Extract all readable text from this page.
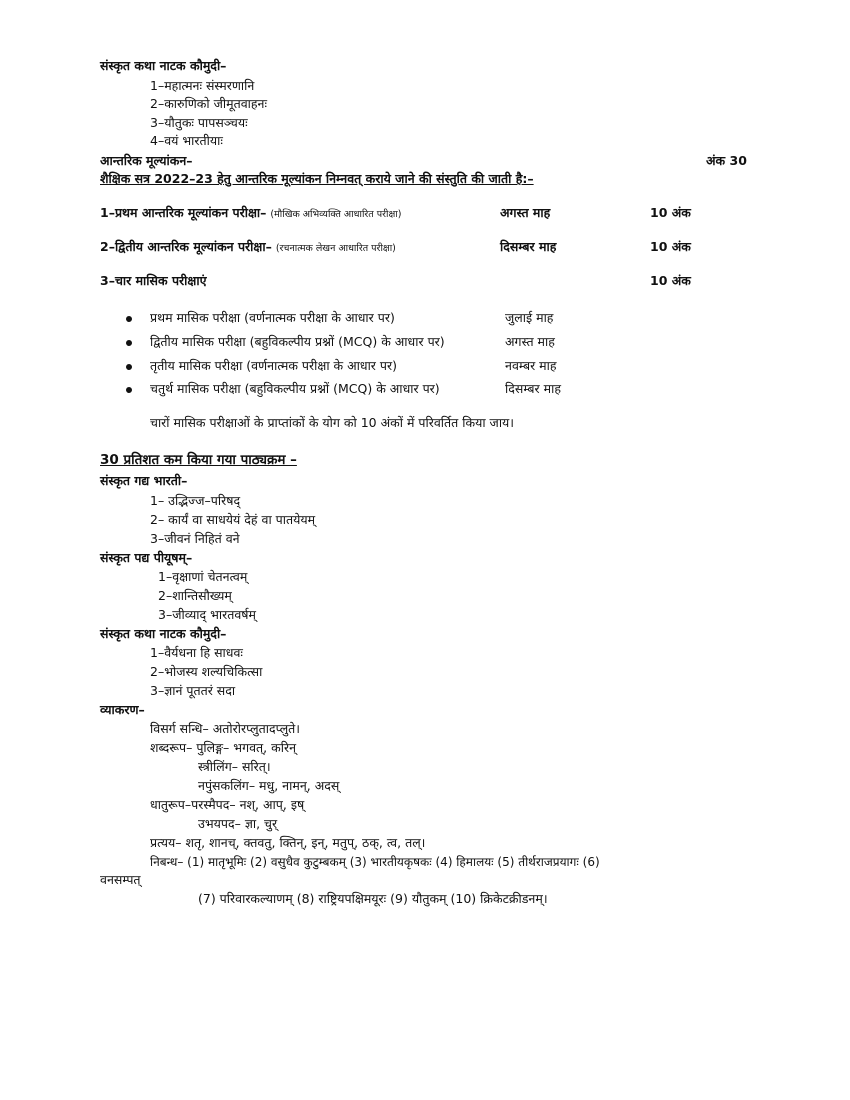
संस्कृत कथा नाटक कौमुदी–
1–महात्मनः संस्मरणानि
2–कारुणिको जीमूतवाहनः
3–यौतुकः पापसञ्चयः
4–वयं भारतीयाः
आन्तरिक मूल्यांकन–	अंक 30
शैक्षिक सत्र 2022–23 हेतु आन्तरिक मूल्यांकन निम्नवत् कराये जाने की संस्तुति की जाती है:–
1–प्रथम आन्तरिक मूल्यांकन परीक्षा– (मौखिक अभिव्यक्ति आधारित परीक्षा)	अगस्त माह	10 अंक
2–द्वितीय आन्तरिक मूल्यांकन परीक्षा– (रचनात्मक लेखन आधारित परीक्षा)	दिसम्बर माह	10 अंक
3–चार मासिक परीक्षाएं	10 अंक
प्रथम मासिक परीक्षा (वर्णनात्मक परीक्षा के आधार पर)	जुलाई माह
द्वितीय मासिक परीक्षा (बहुविकल्पीय प्रश्नों (MCQ) के आधार पर)	अगस्त माह
तृतीय मासिक परीक्षा (वर्णनात्मक परीक्षा के आधार पर)	नवम्बर माह
चतुर्थ मासिक परीक्षा (बहुविकल्पीय प्रश्नों (MCQ) के आधार पर)	दिसम्बर माह
चारों मासिक परीक्षाओं के प्राप्तांकों के योग को 10 अंकों में परिवर्तित किया जाय।
30 प्रतिशत कम किया गया पाठ्यक्रम –
संस्कृत गद्य भारती–
1– उद्भिज्ज–परिषद्
2– कार्यं वा साधयेयं देहं वा पातयेयम्
3–जीवनं निहितं वने
संस्कृत पद्य पीयूषम्–
1–वृक्षाणां चेतनत्वम्
2–शान्तिसौख्यम्
3–जीव्याद् भारतवर्षम्
संस्कृत कथा नाटक कौमुदी–
1–वैर्यधना हि साधवः
2–भोजस्य शल्यचिकित्सा
3–ज्ञानं पूततरं सदा
व्याकरण–
विसर्ग सन्धि– अतोरोरप्लुतादप्लुते।
शब्दरूप– पुलिङ्ग– भगवत्, करिन्
स्त्रीलिंग– सरित्।
नपुंसकलिंग– मधु, नामन्, अदस्
धातुरूप–परस्मैपद– नश्, आप्, इष्
उभयपद– ज्ञा, चुर्
प्रत्यय– शतृ, शानच्, क्तवतु, क्तिन्, इन्, मतुप्, ठक्, त्व, तल्।
निबन्ध– (1) मातृभूमिः (2) वसुधैव कुटुम्बकम् (3) भारतीयकृषकः (4) हिमालयः (5) तीर्थराजप्रयागः (6)
वनसम्पत्
(7) परिवारकल्याणम् (8) राष्ट्रियपक्षिमयूरः (9) यौतुकम् (10) क्रिकेटक्रीडनम्।
